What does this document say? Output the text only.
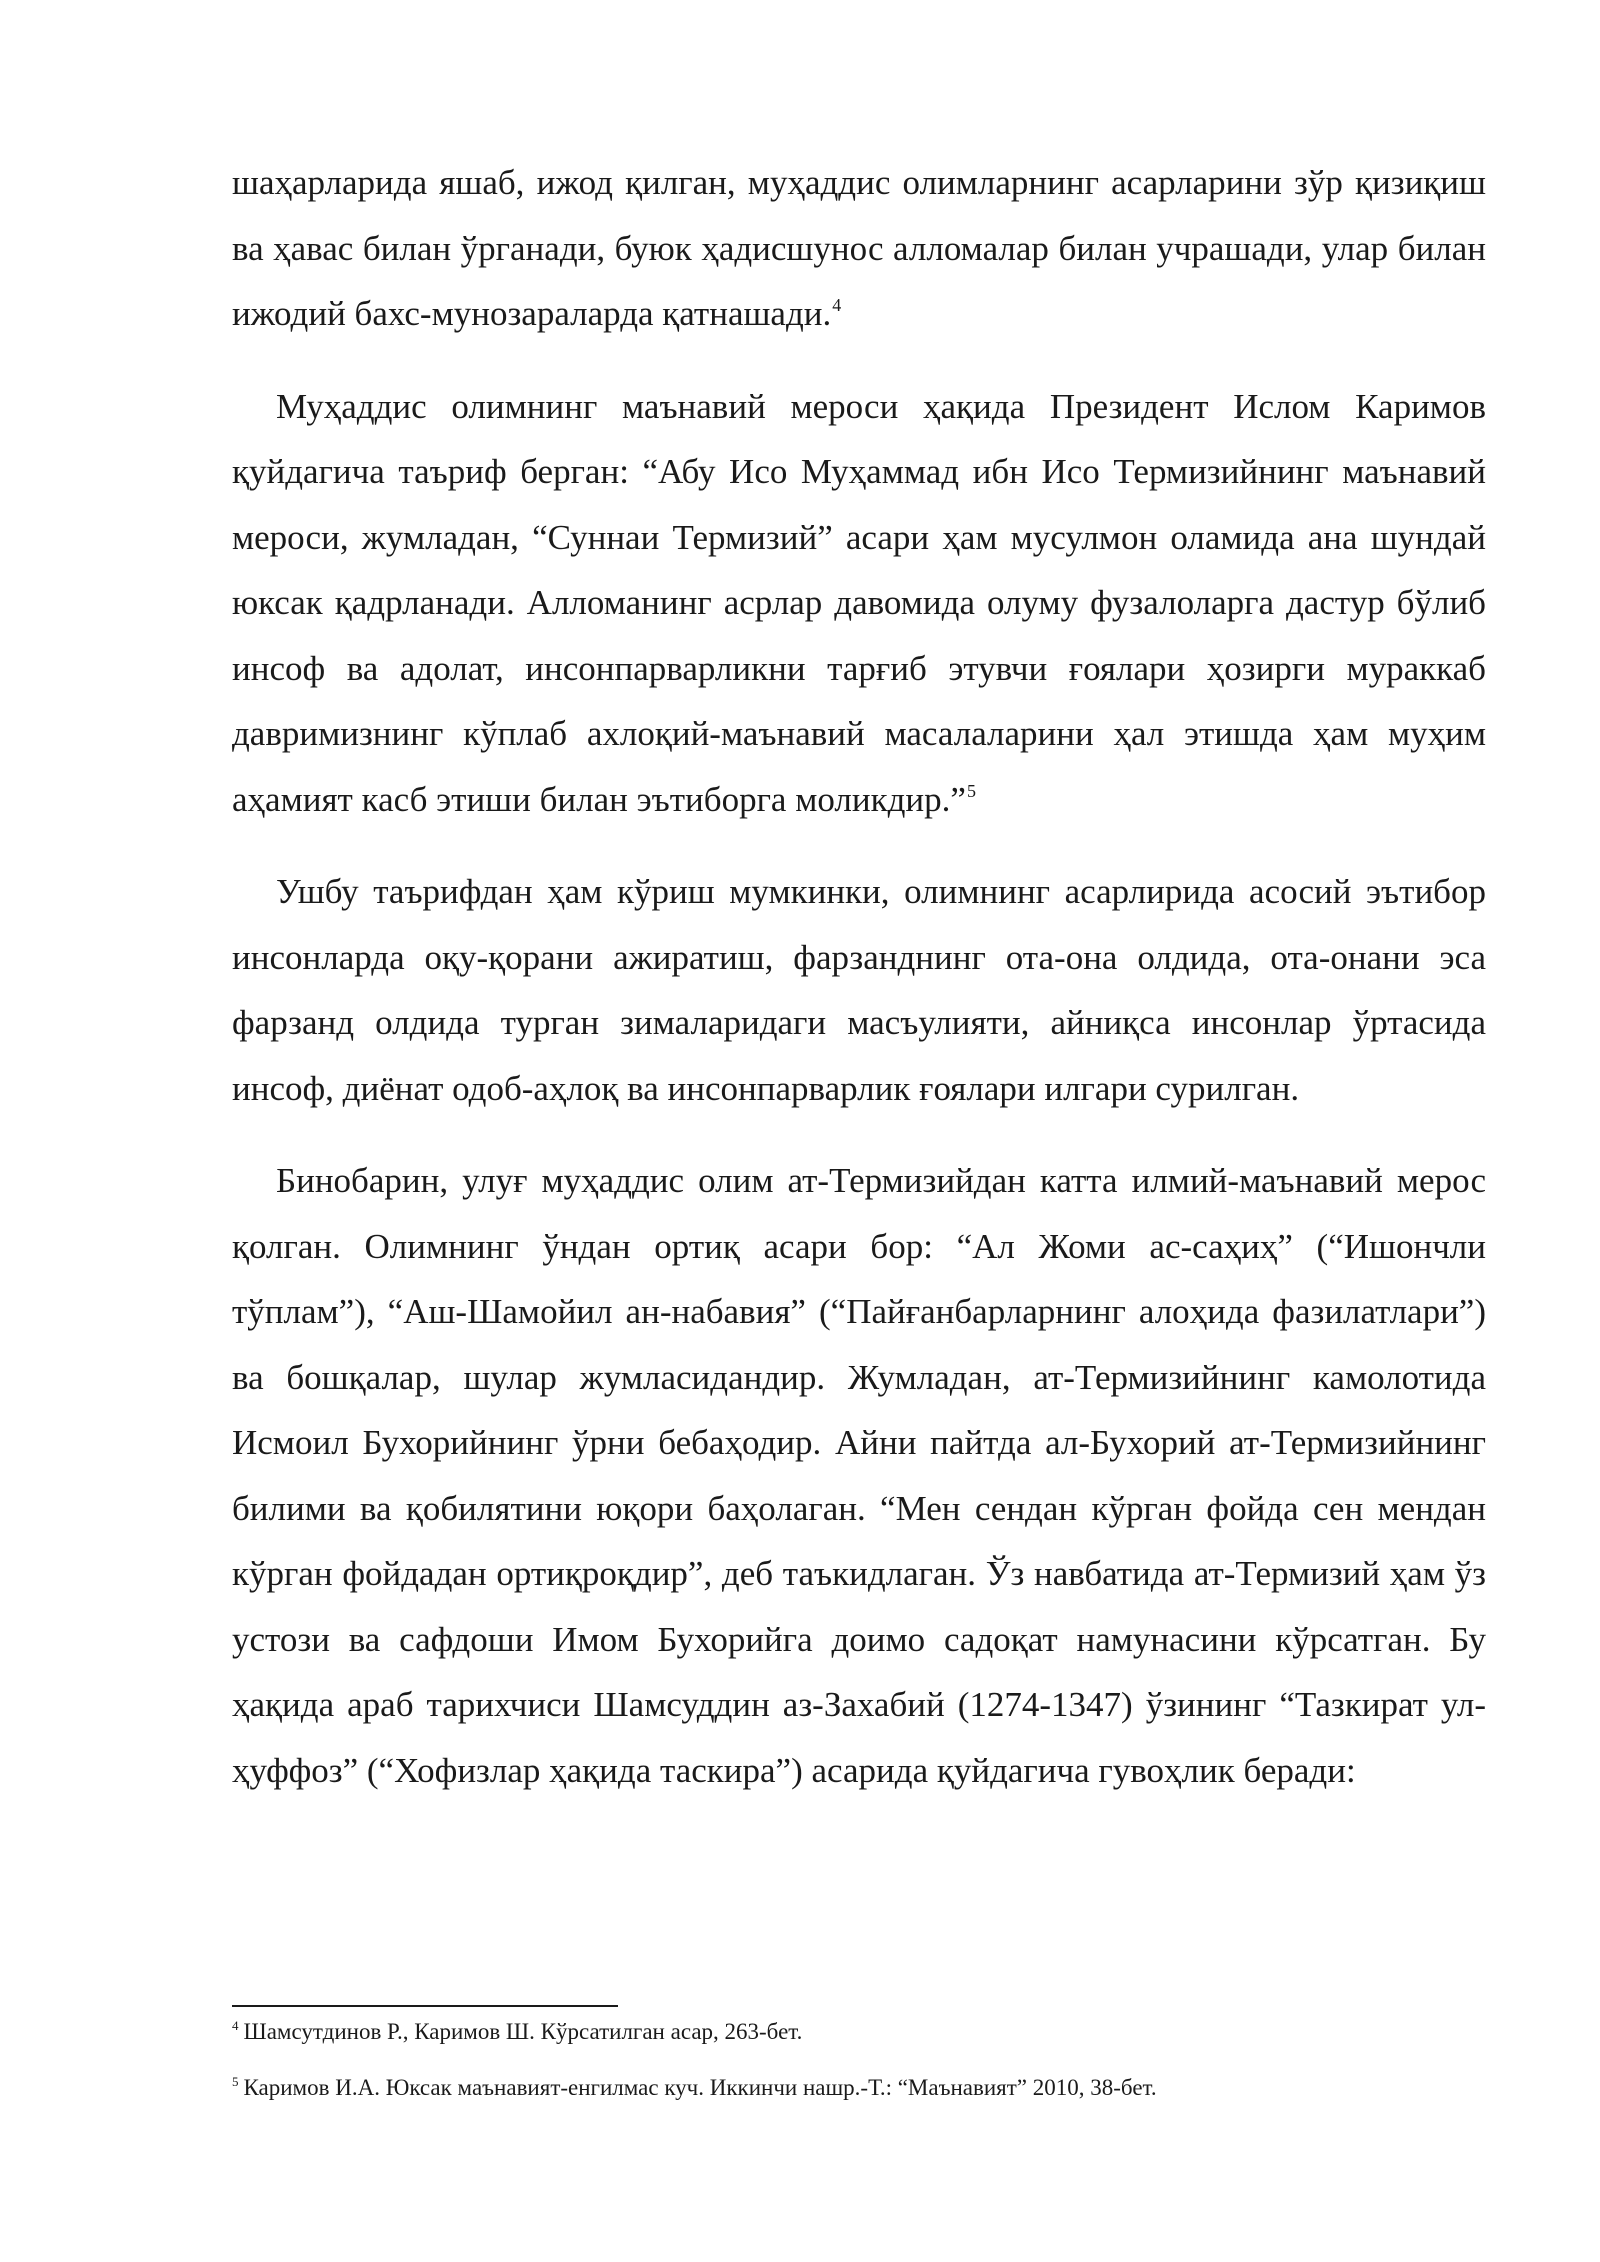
шаҳарларида яшаб, ижод қилган, муҳаддис олимларнинг асарларини зўр қизиқиш ва ҳавас билан ўрганади, буюк ҳадисшунос алломалар билан учрашади, улар билан ижодий бахс-мунозараларда қатнашади.$^4$

Муҳаддис олимнинг маънавий мероси ҳақида Президент Ислом Каримов қуйдагича таъриф берган: “Абу Исо Муҳаммад ибн Исо Термизийнинг маънавий мероси, жумладан, “Суннаи Термизий” асари ҳам мусулмон оламида ана шундай юксак қадрланади. Алломанинг асрлар давомида олуму фузалоларга дастур бўлиб инсоф ва адолат, инсонпарварликни тарғиб этувчи ғоялари ҳозирги мураккаб давримизнинг кўплаб ахлоқий-маънавий масалаларини ҳал этишда ҳам муҳим аҳамият касб этиши билан эътиборга моликдир.”$^5$

Ушбу таърифдан ҳам кўриш мумкинки, олимнинг асарлирида асосий эътибор инсонларда оқу-қорани ажиратиш, фарзанднинг ота-она олдида, ота-онани эса фарзанд олдида турган зималаридаги масъулияти, айниқса инсонлар ўртасида инсоф, диёнат одоб-аҳлоқ ва инсонпарварлик ғоялари илгари сурилган.

Бинобарин, улуғ муҳаддис олим ат-Термизийдан катта илмий-маънавий мерос қолган. Олимнинг ўндан ортиқ асари бор: “Ал Жоми ас-саҳиҳ” (“Ишончли тўплам”), “Аш-Шамойил ан-набавия” (“Пайғанбарларнинг алоҳида фазилатлари”) ва бошқалар, шулар жумласидандир. Жумладан, ат-Термизийнинг камолотида Исмоил Бухорийнинг ўрни бебаҳодир. Айни пайтда ал-Бухорий ат-Термизийнинг билими ва қобилятини юқори баҳолаган. “Мен сендан кўрган фойда сен мендан кўрган фойдадан ортиқроқдир”, деб таъкидлаган. Ўз навбатида ат-Термизий ҳам ўз устози ва сафдоши Имом Бухорийга доимо садоқат намунасини кўрсатган. Бу ҳақида араб тарихчиси Шамсуддин аз-Захабий (1274-1347) ўзининг “Тазкират ул-ҳуффоз” (“Хофизлар ҳақида таскира”) асарида қуйдагича гувоҳлик беради:

$^4$ Шамсутдинов Р., Каримов Ш. Кўрсатилган асар, 263-бет.

$^5$ Каримов И.А. Юксак маънавият-енгилмас куч. Иккинчи нашр.-Т.: “Маънавият” 2010, 38-бет.
